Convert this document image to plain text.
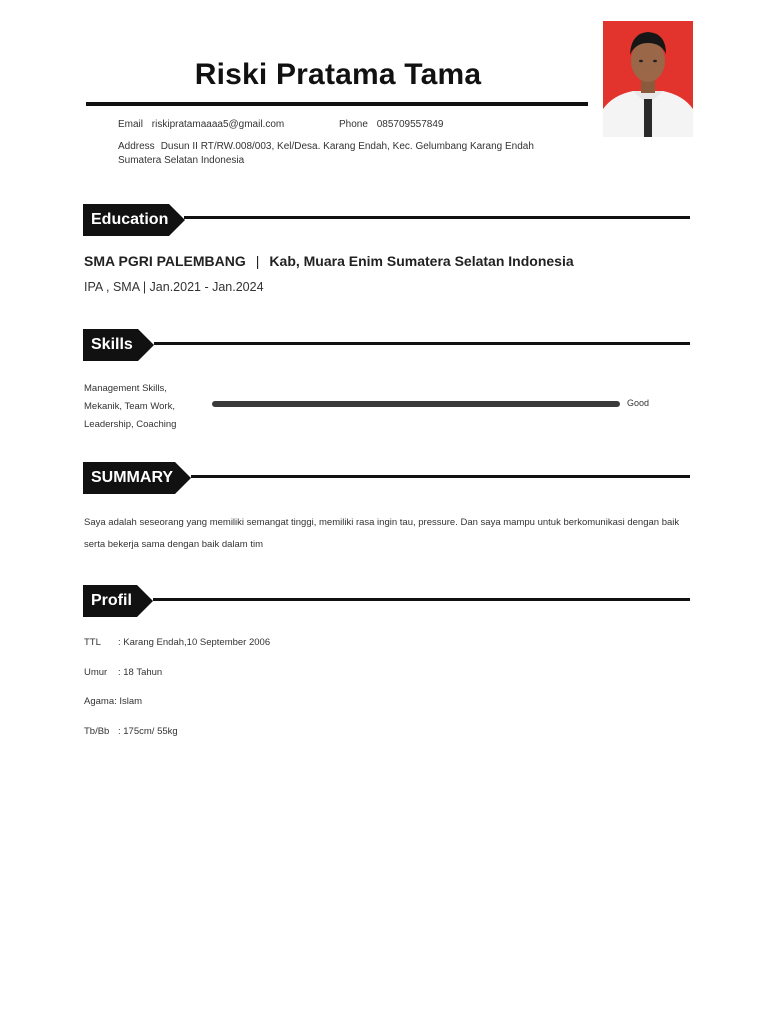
Riski Pratama Tama
Email riskipratamaaaa5@gmail.com	Phone 085709557849
Address Dusun II RT/RW.008/003, Kel/Desa. Karang Endah, Kec. Gelumbang Karang Endah Sumatera Selatan Indonesia
Education
SMA PGRI PALEMBANG | Kab, Muara Enim Sumatera Selatan Indonesia
IPA , SMA | Jan.2021 - Jan.2024
Skills
Management Skills, Mekanik, Team Work, Leadership, Coaching
Good
SUMMARY
Saya adalah seseorang yang memiliki semangat tinggi, memiliki rasa ingin tau, pressure. Dan saya mampu untuk berkomunikasi dengan baik serta bekerja sama dengan baik dalam tim
Profil
TTL : Karang Endah,10 September 2006
Umur : 18 Tahun
Agama: Islam
Tb/Bb : 175cm/ 55kg
